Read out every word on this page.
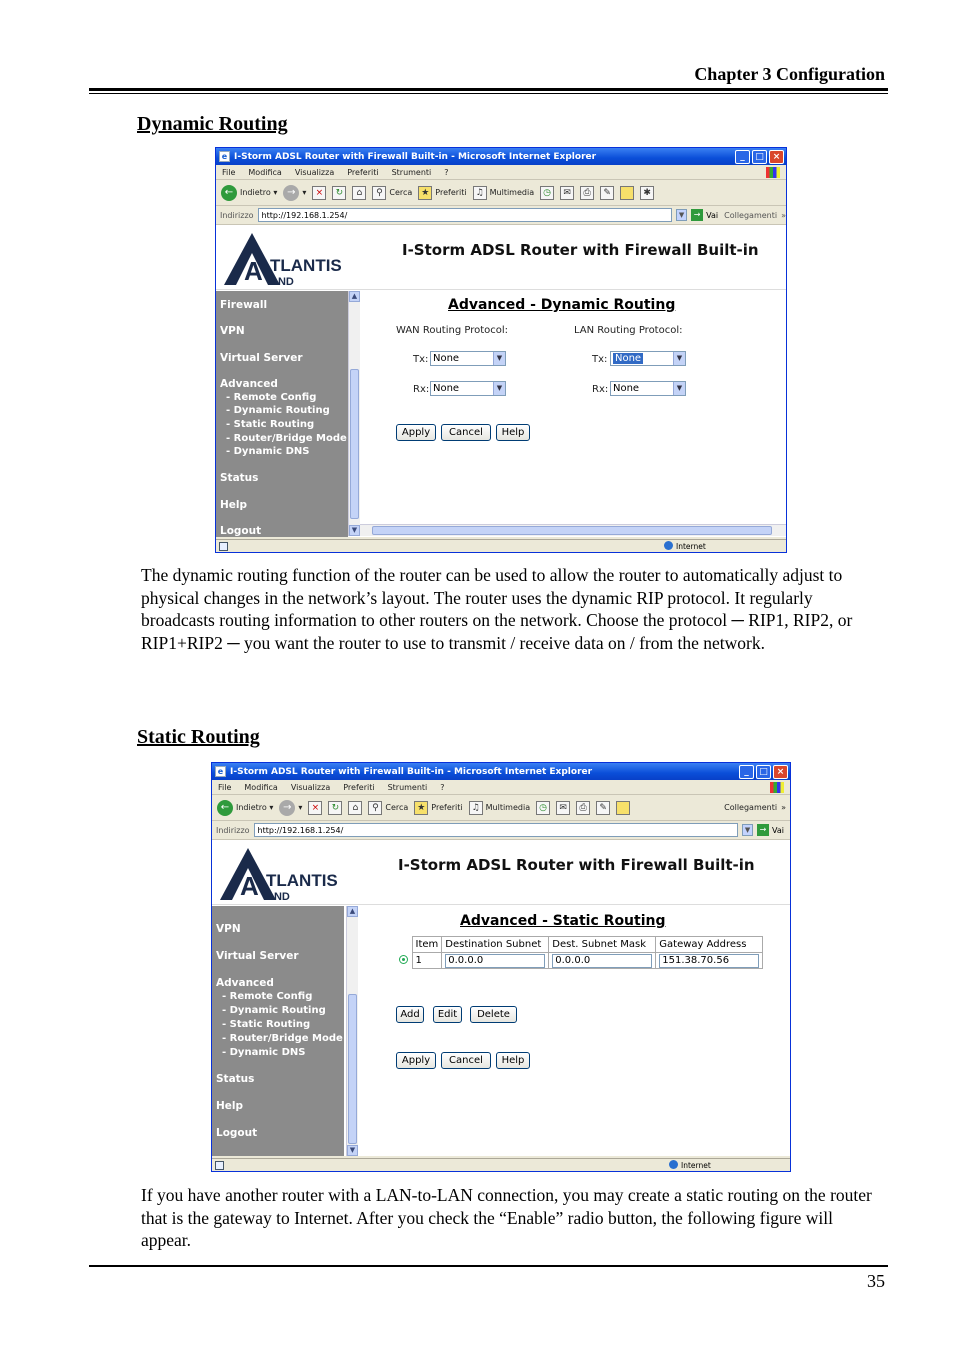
Chapter 3 Configuration
Dynamic Routing
e I-Storm ADSL Router with Firewall Built-in - Microsoft Internet Explorer	_	□ ×
File Modifica Visualizza Preferiti Strumenti ?
← Indietro ▾ → ▾	×	↻	⌂	⚲ Cerca ★ Preferiti ♫ Multimedia	◷	✉	⎙	✎	✱
Indirizzo	http://192.168.1.254/	▼	→ Vai Collegamenti »
A TLANTIS
AND
I-Storm ADSL Router with Firewall Built-in
Firewall
VPN
Virtual Server
Advanced
- Remote Config
- Dynamic Routing
- Static Routing
- Router/Bridge Mode
- Dynamic DNS
Status
Help
Logout
▲
▼
Advanced - Dynamic Routing
WAN Routing Protocol:	LAN Routing Protocol:
Tx: None	▼	Tx: None	▼
Rx: None	▼	Rx: None	▼
Apply	Cancel	Help
Internet
The dynamic routing function of the router can be used to allow the router to automatically adjust to physical changes in the network’s layout. The router uses the dynamic RIP protocol. It regularly broadcasts routing information to other routers on the network. Choose the protocol ─ RIP1, RIP2, or RIP1+RIP2 ─ you want the router to use to transmit / receive data on / from the network.
Static Routing
e I-Storm ADSL Router with Firewall Built-in - Microsoft Internet Explorer	_	□ ×
File Modifica Visualizza Preferiti Strumenti ?
← Indietro ▾ → ▾	×	↻	⌂	⚲ Cerca ★ Preferiti ♫ Multimedia	◷	✉	⎙	✎	Collegamenti »
Indirizzo	http://192.168.1.254/	▼	→ Vai
A TLANTIS
AND
I-Storm ADSL Router with Firewall Built-in
VPN
Virtual Server
Advanced
- Remote Config
- Dynamic Routing
- Static Routing
- Router/Bridge Mode
- Dynamic DNS
Status
Help
Logout
▲
▼
Advanced - Static Routing
	Item	Destination Subnet	Dest. Subnet Mask	Gateway Address
	1	0.0.0.0	0.0.0.0	151.38.70.56
Add	Edit	Delete
Apply	Cancel	Help
Internet
If you have another router with a LAN-to-LAN connection, you may create a static routing on the router that is the gateway to Internet. After you check the “Enable” radio button, the following figure will appear.
35
